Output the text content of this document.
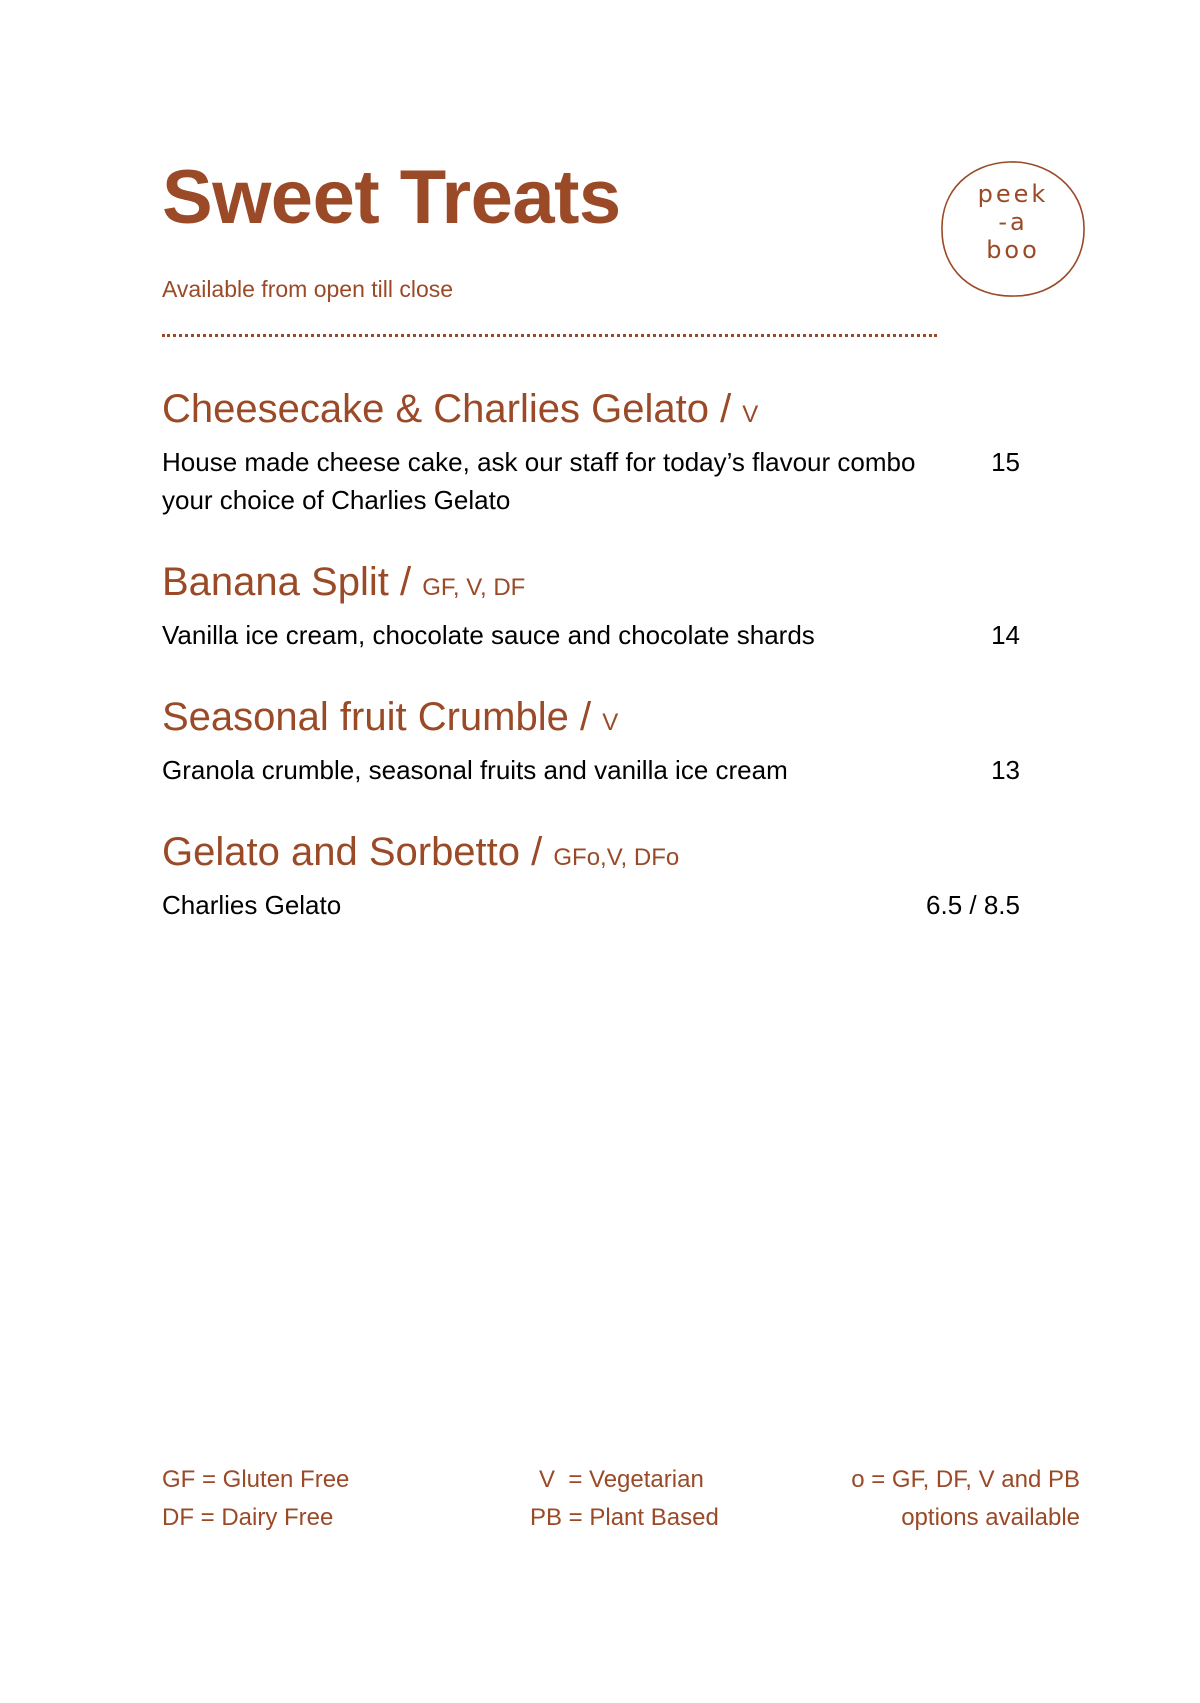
Sweet Treats
Available from open till close
peek
-a
boo
Cheesecake & Charlies Gelato / V
House made cheese cake, ask our staff for today’s flavour combo your choice of Charlies Gelato
15
Banana Split / GF, V, DF
Vanilla ice cream, chocolate sauce and chocolate shards	14
Seasonal fruit Crumble / V
Granola crumble, seasonal fruits and vanilla ice cream	13
Gelato and Sorbetto / GFo,V, DFo
Charlies Gelato	6.5 / 8.5
GF = Gluten Free
DF = Dairy Free
V  = Vegetarian
PB = Plant Based
o = GF, DF, V and PB
options available
